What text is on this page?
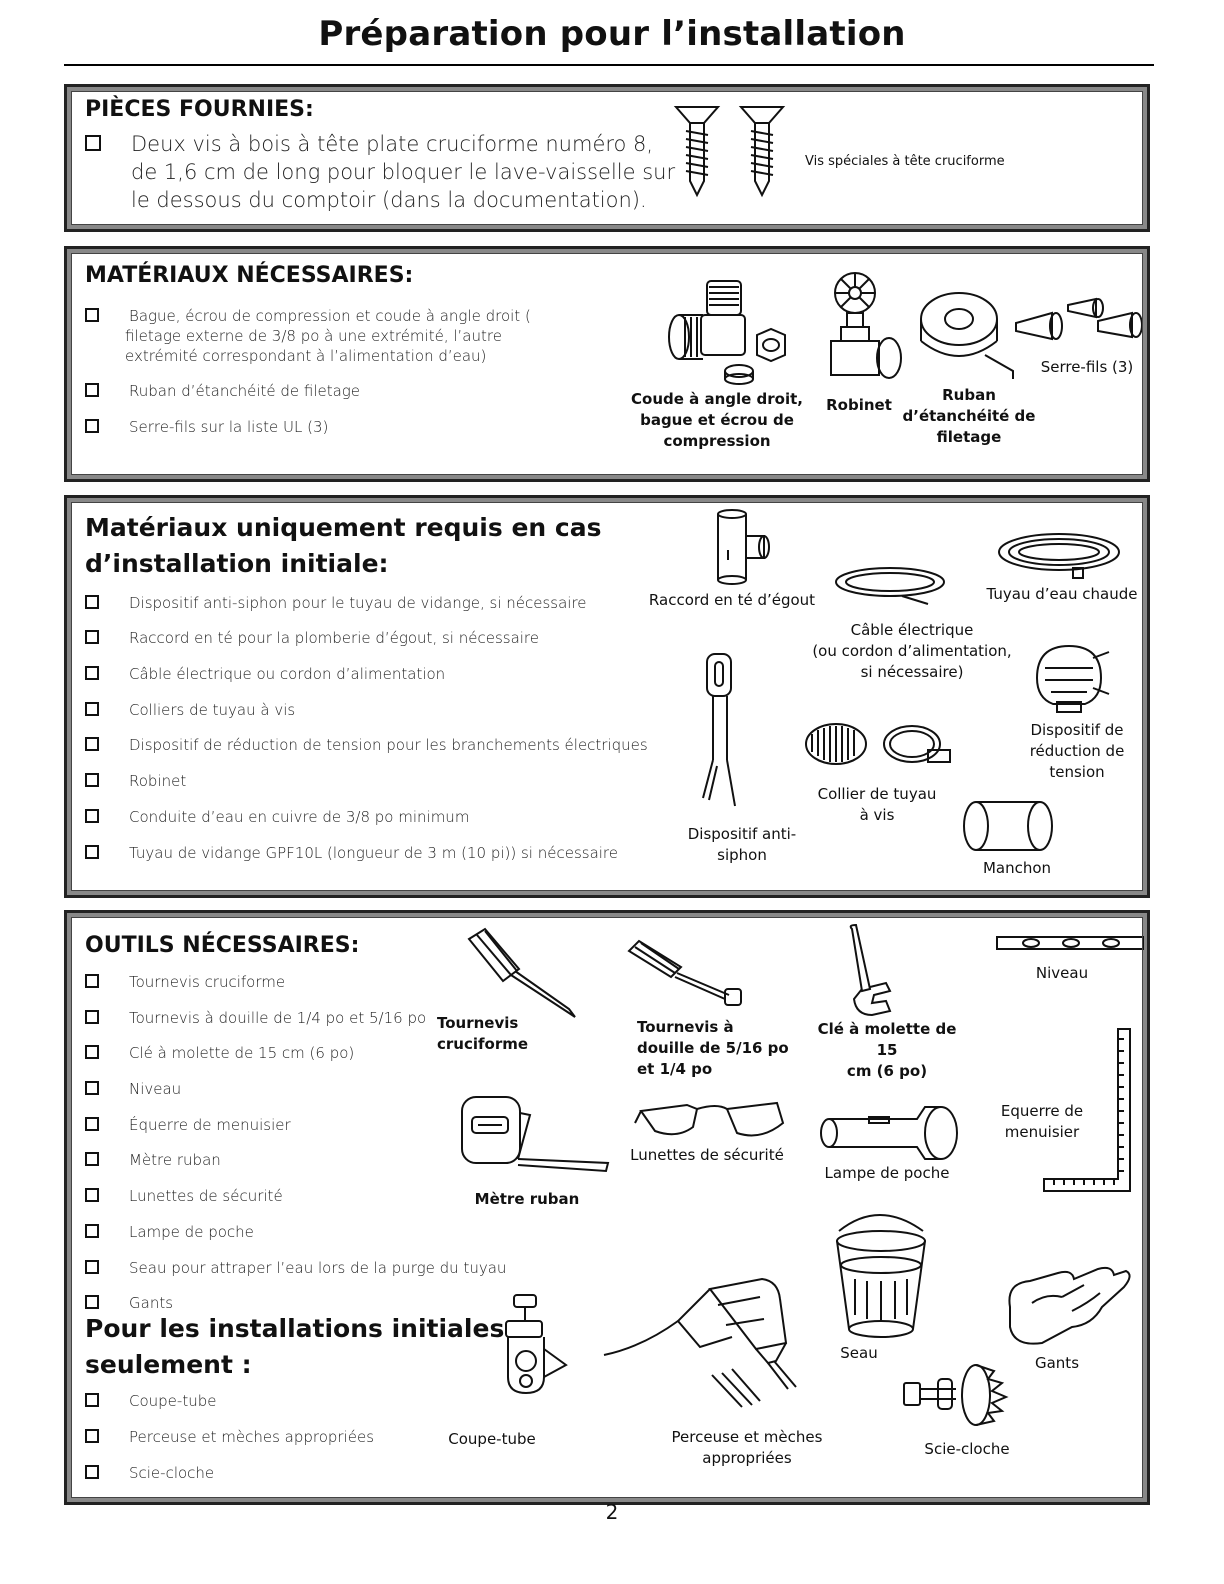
Préparation pour l’installation
PIÈCES FOURNIES:
Deux vis à bois à tête plate cruciforme numéro 8,
de 1,6 cm de long pour bloquer le lave-vaisselle sur
le dessous du comptoir (dans la documentation).
Vis spéciales à tête cruciforme
MATÉRIAUX NÉCESSAIRES:
Bague, écrou de compression et coude à angle droit (
filetage externe de 3/8 po à une extrémité, l’autre
extrémité correspondant à l’alimentation d’eau)
Ruban d’étanchéité de filetage
Serre-fils sur la liste UL (3)
Coude à angle droit,
bague et écrou de
compression
Robinet
Ruban
d’étanchéité de
filetage
Serre-fils (3)
Matériaux uniquement requis en cas
d’installation initiale:
Dispositif anti-siphon pour le tuyau de vidange, si nécessaire
Raccord en té pour la plomberie d’égout, si nécessaire
Câble électrique ou cordon d’alimentation
Colliers de tuyau à vis
Dispositif de réduction de tension pour les branchements électriques
Robinet
Conduite d’eau en cuivre de 3/8 po minimum
Tuyau de vidange GPF10L (longueur de 3 m (10 pi)) si nécessaire
Raccord en té d’égout	Tuyau d’eau chaude
Câble électrique
(ou cordon d’alimentation,
si nécessaire)
Dispositif de
réduction de
tension
Dispositif anti-
siphon
Collier de tuyau
à vis
Manchon
OUTILS NÉCESSAIRES:
Tournevis cruciforme
Tournevis à douille de 1/4 po et 5/16 po
Clé à molette de 15 cm (6 po)
Niveau
Équerre de menuisier
Mètre ruban
Lunettes de sécurité
Lampe de poche
Seau pour attraper l’eau lors de la purge du tuyau
Gants
Pour les installations initiales
seulement :
Coupe-tube
Perceuse et mèches appropriées
Scie-cloche
Tournevis
cruciforme
Tournevis à
douille de 5/16 po
et 1/4 po
Clé à molette de 15
cm (6 po)
Niveau
Equerre de
menuisier
Mètre ruban
Lunettes de sécurité
Lampe de poche
Seau
Gants
Coupe-tube	Perceuse et mèches
appropriées	Scie-cloche
2
